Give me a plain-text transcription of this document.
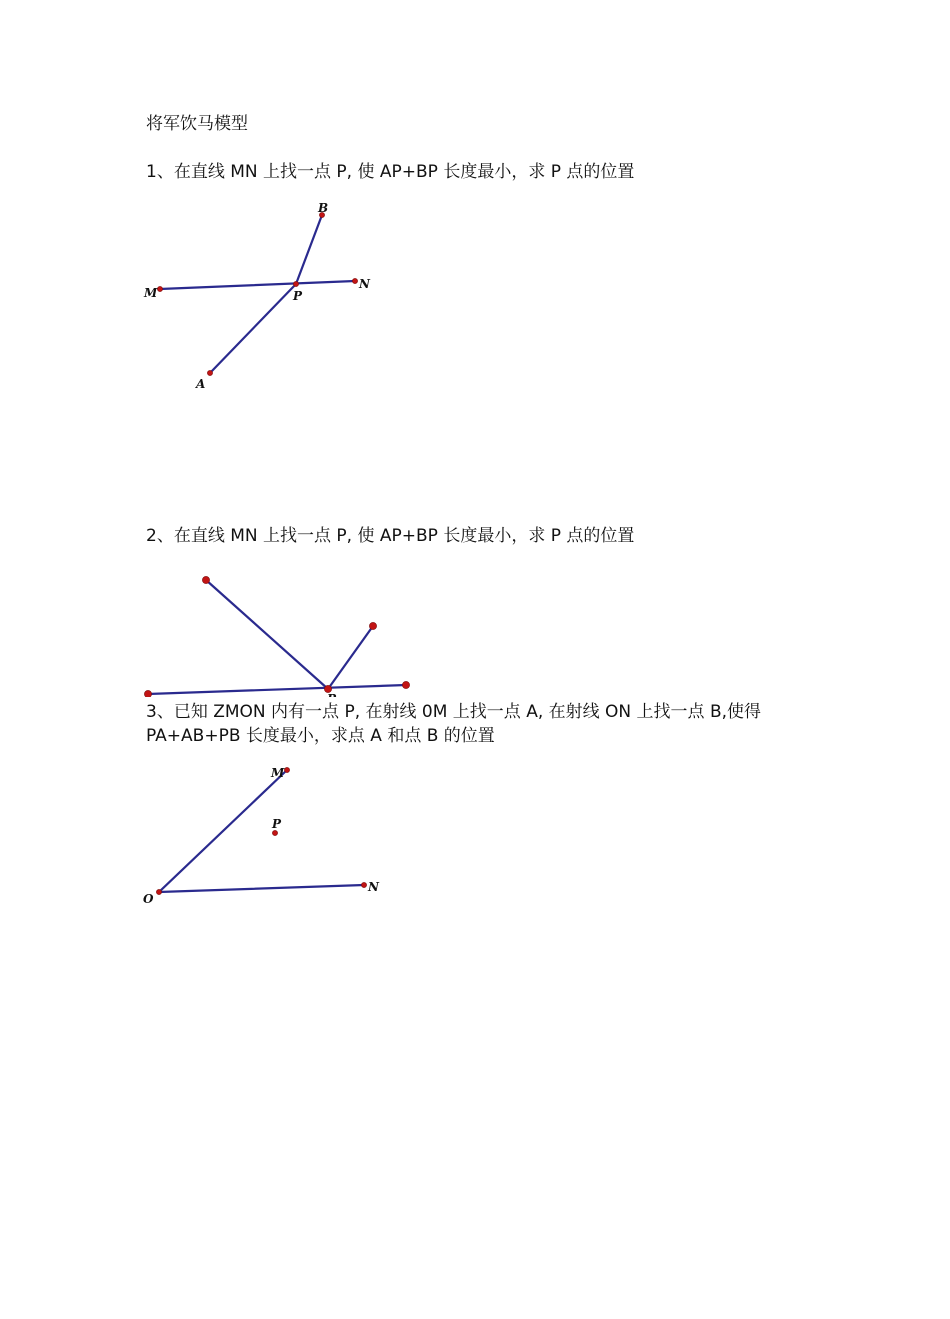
将军饮马模型
1、在直线 MN 上找一点 P, 使 AP+BP 长度最小，求 P 点的位置
B
M
N
P
A
2、在直线 MN 上找一点 P, 使 AP+BP 长度最小，求 P 点的位置
3、已知 ZMON 内有一点 P, 在射线 0M 上找一点 A, 在射线 ON 上找一点 B,使得
PA+AB+PB 长度最小，求点 A 和点 B 的位置
M
P
O
N
